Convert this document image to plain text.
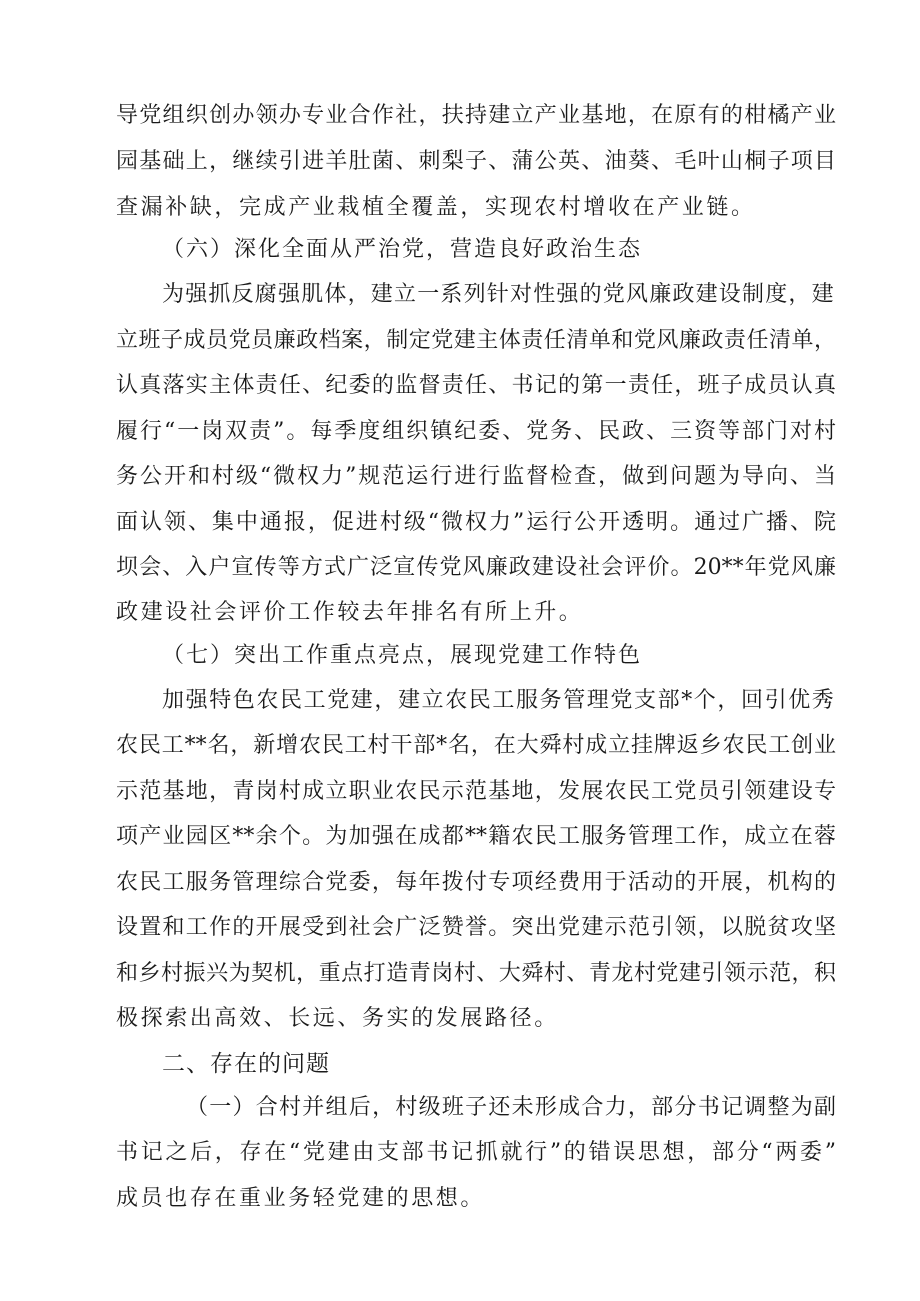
导党组织创办领办专业合作社，扶持建立产业基地，在原有的柑橘产业
园基础上，继续引进羊肚菌、刺梨子、蒲公英、油葵、毛叶山桐子项目
查漏补缺，完成产业栽植全覆盖，实现农村增收在产业链。
（六）深化全面从严治党，营造良好政治生态
为强抓反腐强肌体，建立一系列针对性强的党风廉政建设制度，建
立班子成员党员廉政档案，制定党建主体责任清单和党风廉政责任清单，
认真落实主体责任、纪委的监督责任、书记的第一责任，班子成员认真
履行“一岗双责”。每季度组织镇纪委、党务、民政、三资等部门对村
务公开和村级“微权力”规范运行进行监督检查，做到问题为导向、当
面认领、集中通报，促进村级“微权力”运行公开透明。通过广播、院
坝会、入户宣传等方式广泛宣传党风廉政建设社会评价。20**年党风廉
政建设社会评价工作较去年排名有所上升。
（七）突出工作重点亮点，展现党建工作特色
加强特色农民工党建，建立农民工服务管理党支部*个，回引优秀
农民工**名，新增农民工村干部*名，在大舜村成立挂牌返乡农民工创业
示范基地，青岗村成立职业农民示范基地，发展农民工党员引领建设专
项产业园区**余个。为加强在成都**籍农民工服务管理工作，成立在蓉
农民工服务管理综合党委，每年拨付专项经费用于活动的开展，机构的
设置和工作的开展受到社会广泛赞誉。突出党建示范引领，以脱贫攻坚
和乡村振兴为契机，重点打造青岗村、大舜村、青龙村党建引领示范，积
极探索出高效、长远、务实的发展路径。
二、存在的问题
（一）合村并组后，村级班子还未形成合力，部分书记调整为副
书记之后，存在“党建由支部书记抓就行”的错误思想，部分“两委”
成员也存在重业务轻党建的思想。
